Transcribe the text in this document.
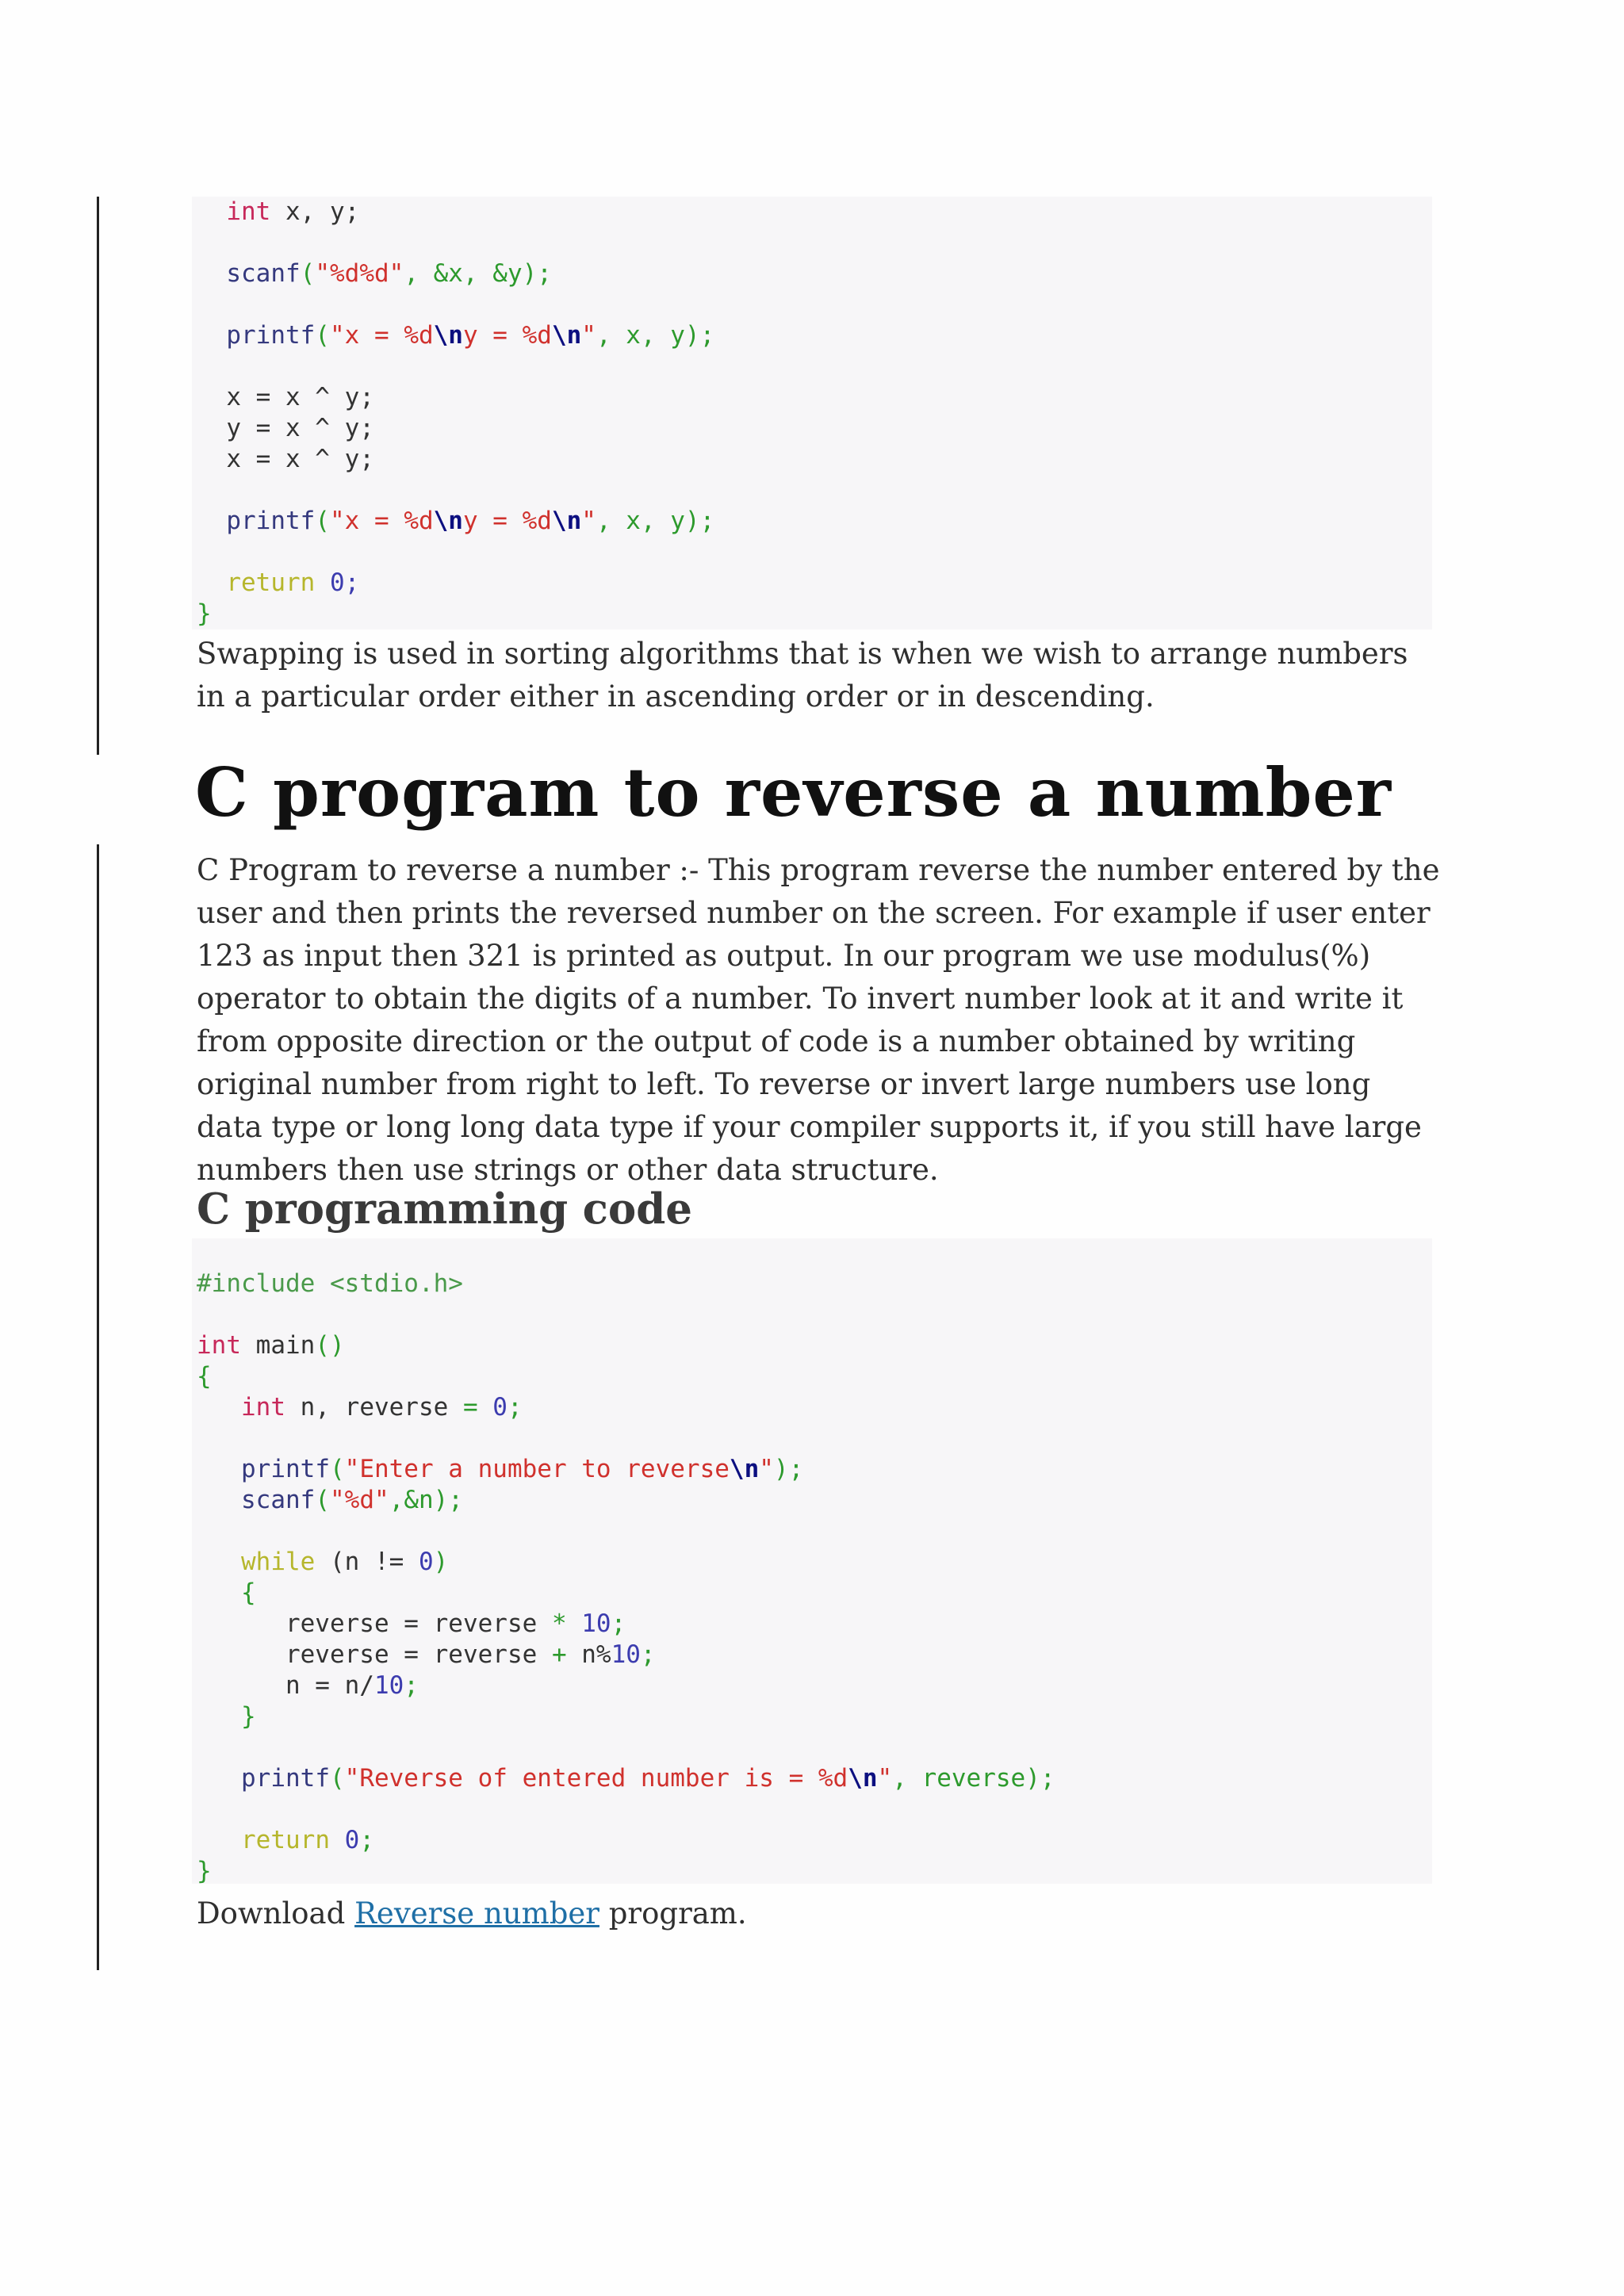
int x, y;

scanf("%d%d", &x, &y);

printf("x = %d\ny = %d\n", x, y);

x = x ^ y;
y = x ^ y;
x = x ^ y;

printf("x = %d\ny = %d\n", x, y);

return 0;
}

Swapping is used in sorting algorithms that is when we wish to arrange numbers in a particular order either in ascending order or in descending.

C program to reverse a number

C Program to reverse a number :- This program reverse the number entered by the user and then prints the reversed number on the screen. For example if user enter 123 as input then 321 is printed as output. In our program we use modulus(%) operator to obtain the digits of a number. To invert number look at it and write it from opposite direction or the output of code is a number obtained by writing original number from right to left. To reverse or invert large numbers use long data type or long long data type if your compiler supports it, if you still have large numbers then use strings or other data structure.

C programming code
#include <stdio.h>

int main()
{
int n, reverse = 0;

printf("Enter a number to reverse\n");
scanf("%d",&n);

while (n != 0)
{
reverse = reverse * 10;
reverse = reverse + n%10;
n = n/10;
}

printf("Reverse of entered number is = %d\n", reverse);

return 0;
}

Download Reverse number program.
